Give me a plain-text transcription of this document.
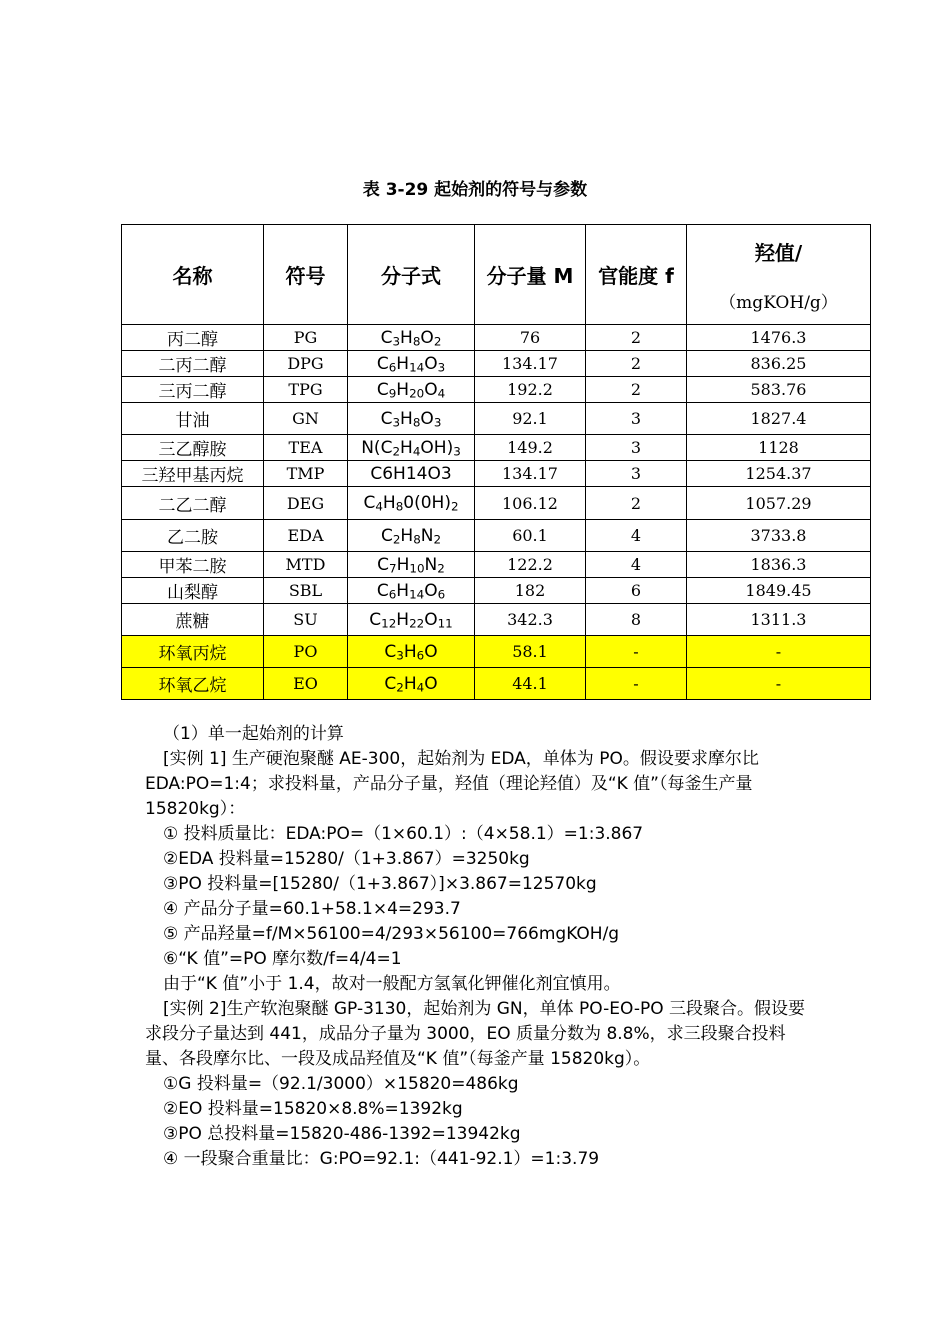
表 3-29 起始剂的符号与参数
名称	符号	分子式	分子量 M	官能度 f	羟值/
（mgKOH/g）

丙二醇	PG	$C_3H_8O_2$	76	2	1476.3
二丙二醇	DPG	$C_6H_{14}O_3$	134.17	2	836.25
三丙二醇	TPG	$C_9H_{20}O_4$	192.2	2	583.76
甘油	GN	$C_3H_8O_3$	92.1	3	1827.4
三乙醇胺	TEA	$N(C_2H_4OH)_3$	149.2	3	1128
三羟甲基丙烷	TMP	C6H14O3	134.17	3	1254.37
二乙二醇	DEG	$C_4H_80(0H)_2$	106.12	2	1057.29
乙二胺	EDA	$C_2H_8N_2$	60.1	4	3733.8
甲苯二胺	MTD	$C_7H_{10}N_2$	122.2	4	1836.3
山梨醇	SBL	$C_6H_{14}O_6$	182	6	1849.45
蔗糖	SU	$C_{12}H_{22}O_{11}$	342.3	8	1311.3
环氧丙烷	PO	$C_3H_6O$	58.1	-	-
环氧乙烷	EO	$C_2H_4O$	44.1	-	-

（1）单一起始剂的计算

[实例 1] 生产硬泡聚醚 AE-300，起始剂为 EDA，单体为 PO。假设要求摩尔比 EDA:PO=1:4；求投料量，产品分子量，羟值（理论羟值）及“K 值”（每釜生产量 15820kg）：

① 投料质量比：EDA:PO=（1×60.1）:（4×58.1）=1:3.867

②EDA 投料量=15280/（1+3.867）=3250kg

③PO 投料量=[15280/（1+3.867）]×3.867=12570kg

④ 产品分子量=60.1+58.1×4=293.7

⑤ 产品羟量=f/M×56100=4/293×56100=766mgKOH/g

⑥“K 值”=PO 摩尔数/f=4/4=1

由于“K 值”小于 1.4，故对一般配方氢氧化钾催化剂宜慎用。

[实例 2]生产软泡聚醚 GP-3130，起始剂为 GN，单体 PO-EO-PO 三段聚合。假设要求段分子量达到 441，成品分子量为 3000，EO 质量分数为 8.8%，求三段聚合投料量、各段摩尔比、一段及成品羟值及“K 值”（每釜产量 15820kg）。

①G 投料量=（92.1/3000）×15820=486kg

②EO 投料量=15820×8.8%=1392kg

③PO 总投料量=15820-486-1392=13942kg

④ 一段聚合重量比：G:PO=92.1:（441-92.1）=1:3.79
